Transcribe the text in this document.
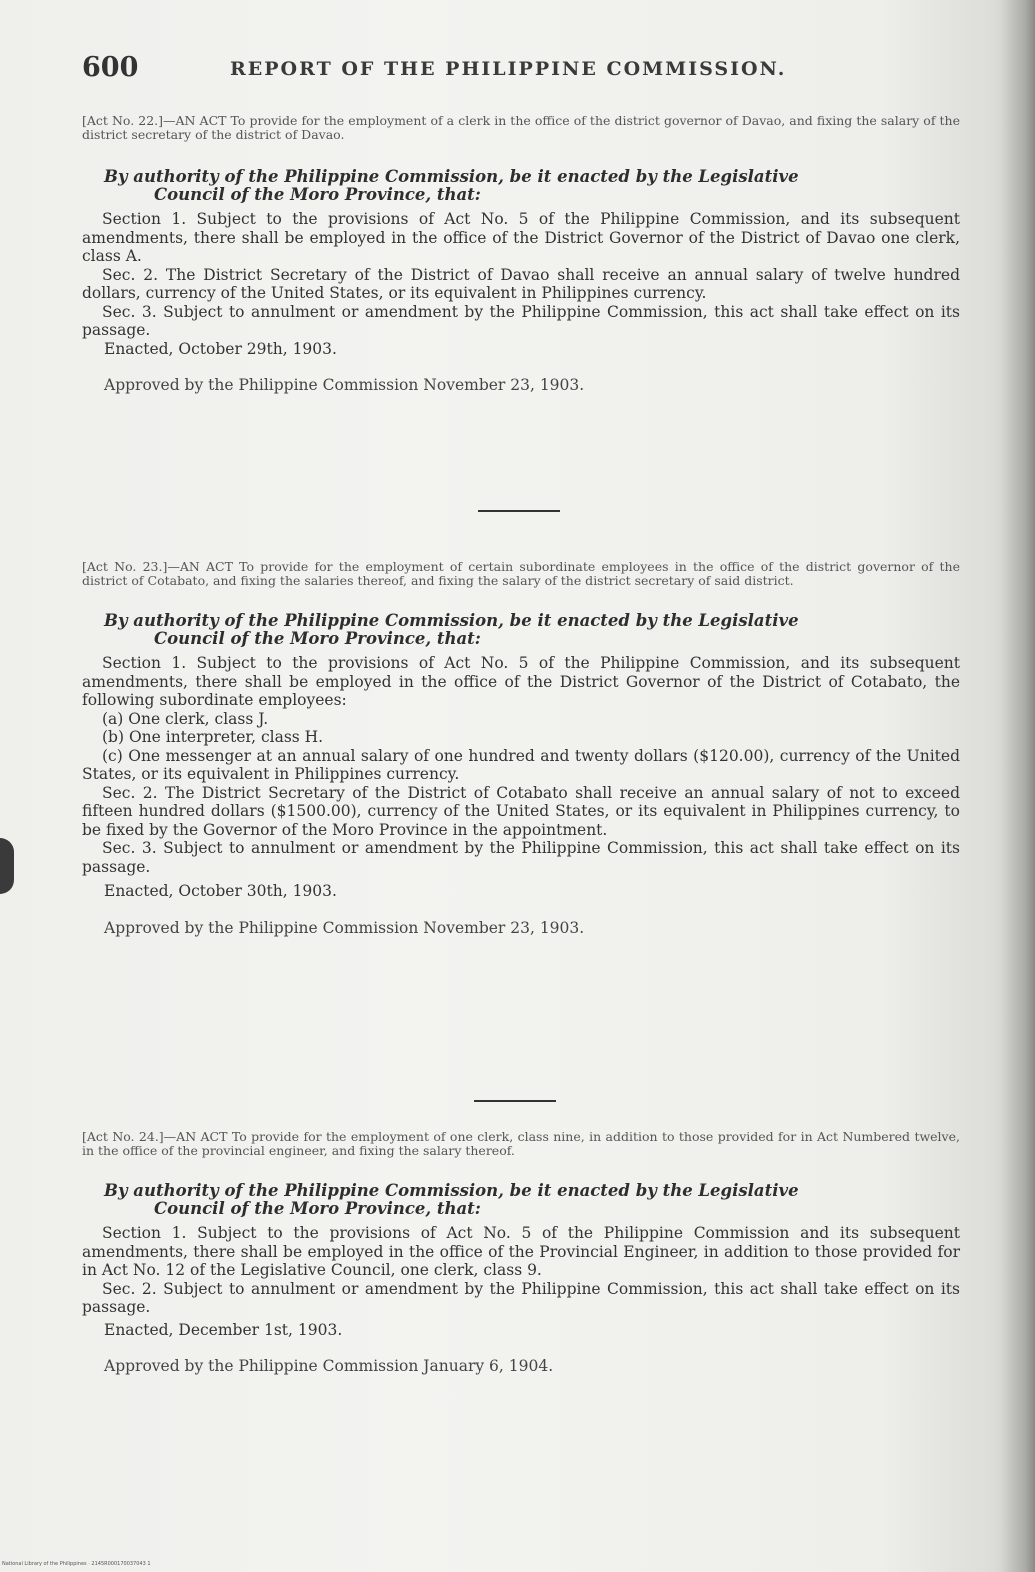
600	REPORT OF THE PHILIPPINE COMMISSION.

[Act No. 22.]—AN ACT To provide for the employment of a clerk in the office of the district governor of Davao, and fixing the salary of the district secretary of the district of Davao.

By authority of the Philippine Commission, be it enacted by the Legislative
Council of the Moro Province, that:

Section 1. Subject to the provisions of Act No. 5 of the Philippine Commission, and its subsequent amendments, there shall be employed in the office of the District Governor of the District of Davao one clerk, class A.

Sec. 2. The District Secretary of the District of Davao shall receive an annual salary of twelve hundred dollars, currency of the United States, or its equivalent in Philippines currency.

Sec. 3. Subject to annulment or amendment by the Philippine Commission, this act shall take effect on its passage.

Enacted, October 29th, 1903.

Approved by the Philippine Commission November 23, 1903.

[Act No. 23.]—AN ACT To provide for the employment of certain subordinate employees in the office of the district governor of the district of Cotabato, and fixing the salaries thereof, and fixing the salary of the district secretary of said district.

By authority of the Philippine Commission, be it enacted by the Legislative
Council of the Moro Province, that:

Section 1. Subject to the provisions of Act No. 5 of the Philippine Commission, and its subsequent amendments, there shall be employed in the office of the District Governor of the District of Cotabato, the following subordinate employees:

(a) One clerk, class J.
(b) One interpreter, class H.
(c) One messenger at an annual salary of one hundred and twenty dollars ($120.00), currency of the United States, or its equivalent in Philippines currency.

Sec. 2. The District Secretary of the District of Cotabato shall receive an annual salary of not to exceed fifteen hundred dollars ($1500.00), currency of the United States, or its equivalent in Philippines currency, to be fixed by the Governor of the Moro Province in the appointment.

Sec. 3. Subject to annulment or amendment by the Philippine Commission, this act shall take effect on its passage.

Enacted, October 30th, 1903.

Approved by the Philippine Commission November 23, 1903.

[Act No. 24.]—AN ACT To provide for the employment of one clerk, class nine, in addition to those provided for in Act Numbered twelve, in the office of the provincial engineer, and fixing the salary thereof.

By authority of the Philippine Commission, be it enacted by the Legislative
Council of the Moro Province, that:

Section 1. Subject to the provisions of Act No. 5 of the Philippine Commission and its subsequent amendments, there shall be employed in the office of the Provincial Engineer, in addition to those provided for in Act No. 12 of the Legislative Council, one clerk, class 9.

Sec. 2. Subject to annulment or amendment by the Philippine Commission, this act shall take effect on its passage.

Enacted, December 1st, 1903.

Approved by the Philippine Commission January 6, 1904.

National Library of the Philippines · 2145R000170037043 1
